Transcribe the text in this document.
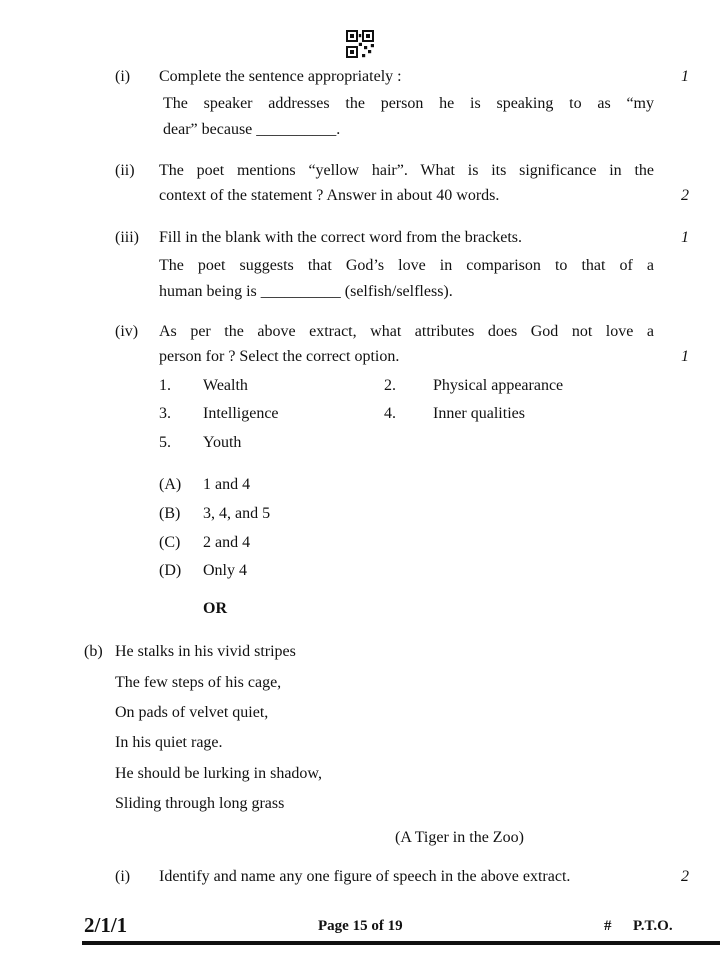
(i) Complete the sentence appropriately :	1
The speaker addresses the person he is speaking to as “my
dear” because __________.
(ii) The poet mentions “yellow hair”. What is its significance in the
context of the statement ? Answer in about 40 words.	2
(iii) Fill in the blank with the correct word from the brackets.	1
The poet suggests that God’s love in comparison to that of a
human being is __________ (selfish/selfless).
(iv) As per the above extract, what attributes does God not love a
person for ? Select the correct option.	1
1. Wealth	2. Physical appearance
3. Intelligence	4. Inner qualities
5. Youth
(A) 1 and 4
(B) 3, 4, and 5
(C) 2 and 4
(D) Only 4
OR
(b) He stalks in his vivid stripes
The few steps of his cage,
On pads of velvet quiet,
In his quiet rage.
He should be lurking in shadow,
Sliding through long grass
(A Tiger in the Zoo)
(i) Identify and name any one figure of speech in the above extract.	2
2/1/1	Page 15 of 19	# P.T.O.
